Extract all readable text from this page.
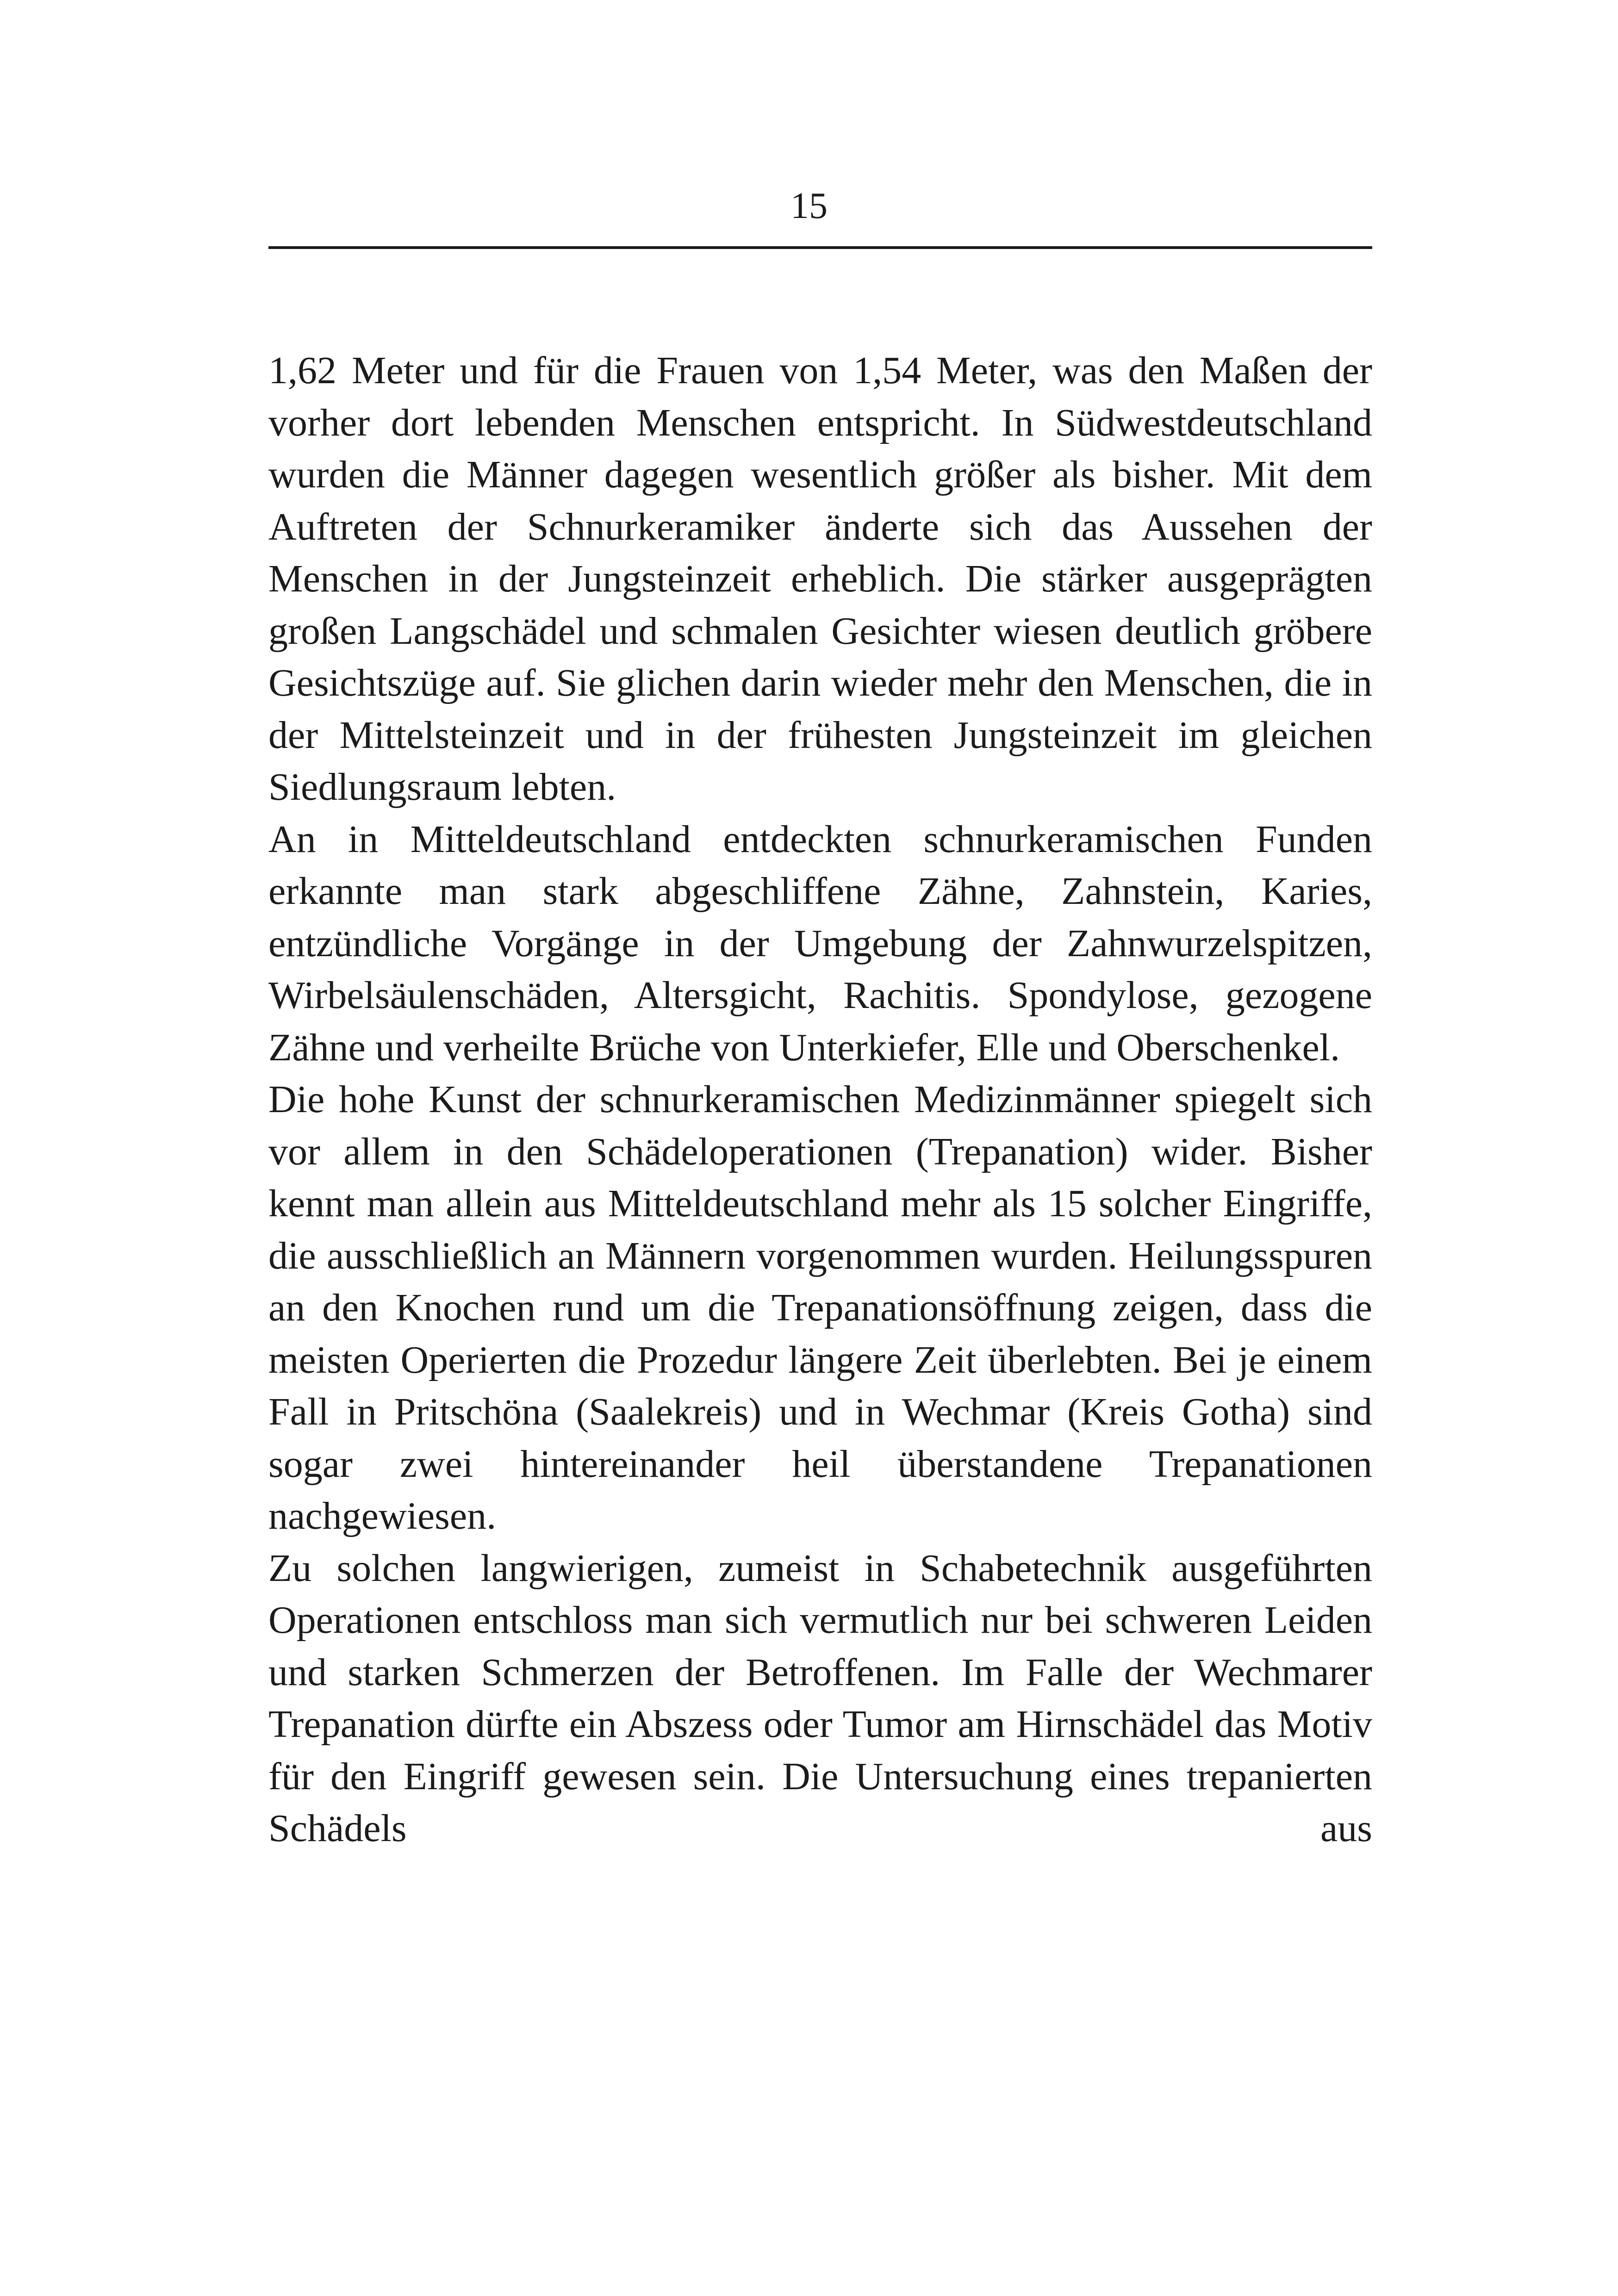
15

1,62 Meter und für die Frauen von 1,54 Meter, was den Maßen der vorher dort lebenden Menschen entspricht. In Südwestdeutschland wurden die Männer dagegen wesentlich größer als bisher. Mit dem Auftreten der Schnurkeramiker änderte sich das Aussehen der Menschen in der Jungsteinzeit erheblich. Die stärker ausgeprägten großen Langschädel und schmalen Gesichter wiesen deutlich gröbere Gesichtszüge auf. Sie glichen darin wieder mehr den Menschen, die in der Mittelsteinzeit und in der frühesten Jungsteinzeit im gleichen Siedlungsraum lebten.

An in Mitteldeutschland entdeckten schnurkeramischen Funden erkannte man stark abgeschliffene Zähne, Zahnstein, Karies, entzündliche Vorgänge in der Umgebung der Zahnwurzelspitzen, Wirbelsäulenschäden, Altersgicht, Rachitis. Spondylose, gezogene Zähne und verheilte Brüche von Unterkiefer, Elle und Oberschenkel.

Die hohe Kunst der schnurkeramischen Medizinmänner spiegelt sich vor allem in den Schädeloperationen (Trepanation) wider. Bisher kennt man allein aus Mitteldeutschland mehr als 15 solcher Eingriffe, die ausschließlich an Männern vorgenommen wurden. Heilungsspuren an den Knochen rund um die Trepanationsöffnung zeigen, dass die meisten Operierten die Prozedur längere Zeit überlebten. Bei je einem Fall in Pritschöna (Saalekreis) und in Wechmar (Kreis Gotha) sind sogar zwei hintereinander heil überstandene Trepanationen nachgewiesen.

Zu solchen langwierigen, zumeist in Schabetechnik ausgeführten Operationen entschloss man sich vermutlich nur bei schweren Leiden und starken Schmerzen der Betroffenen. Im Falle der Wechmarer Trepanation dürfte ein Abszess oder Tumor am Hirnschädel das Motiv für den Eingriff gewesen sein. Die Untersuchung eines trepanierten Schädels aus
